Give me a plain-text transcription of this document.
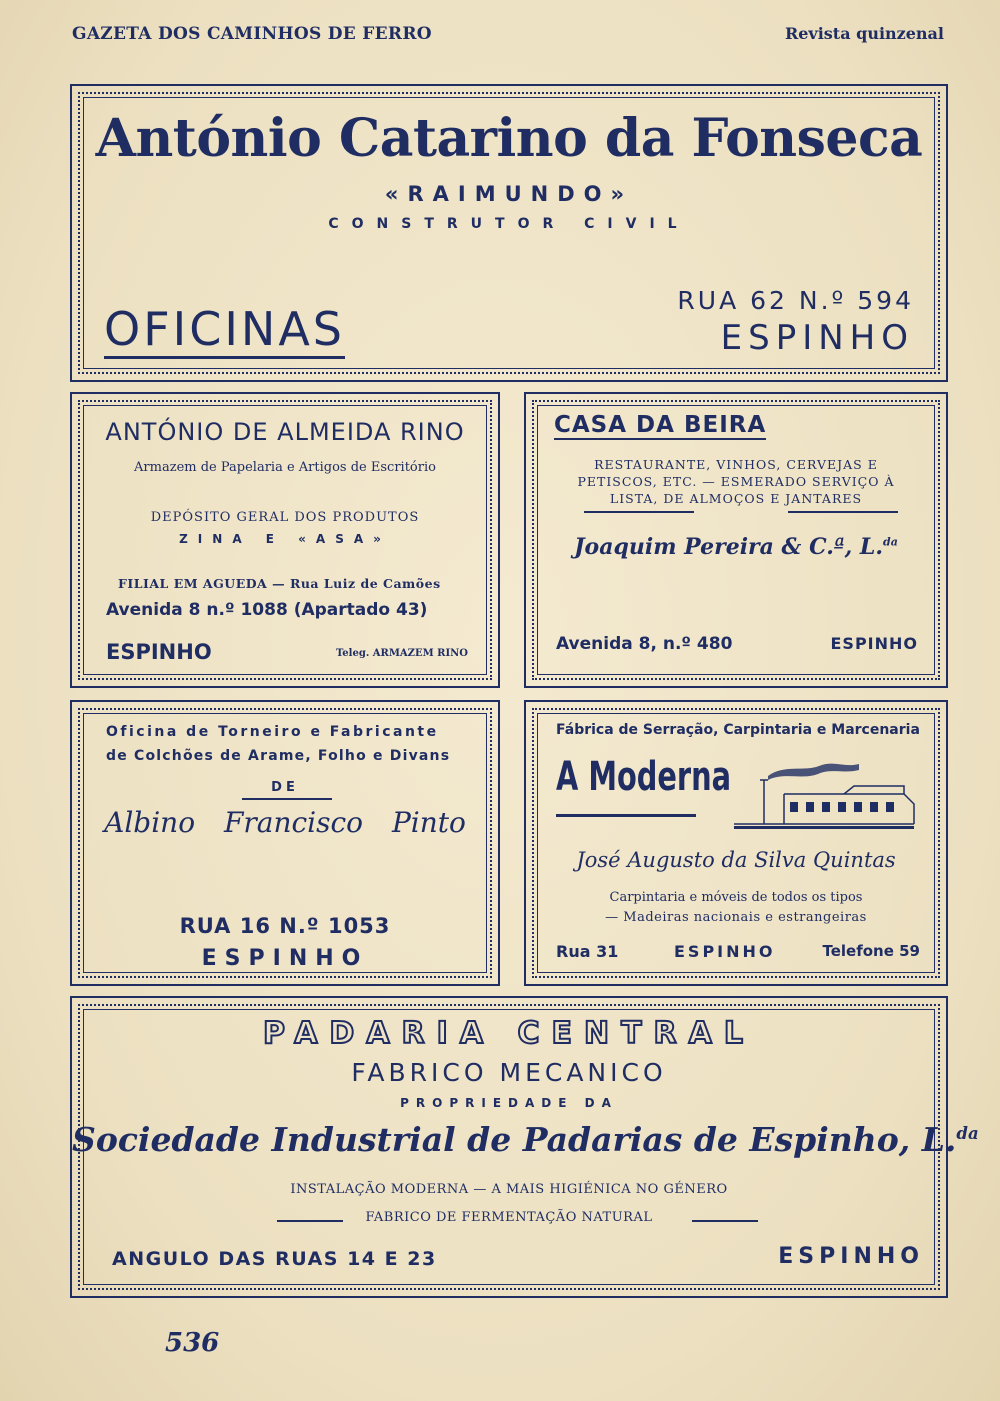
GAZETA DOS CAMINHOS DE FERRO	Revista quinzenal
António Catarino da Fonseca
«RAIMUNDO»
CONSTRUTOR CIVIL
OFICINAS
RUA 62 N.º 594
ESPINHO
ANTÓNIO DE ALMEIDA RINO
Armazem de Papelaria e Artigos de Escritório
DEPÓSITO GERAL DOS PRODUTOS
ZINA E «ASA»
FILIAL EM AGUEDA — Rua Luiz de Camões
Avenida 8 n.º 1088 (Apartado 43)
ESPINHO	Teleg. ARMAZEM RINO
CASA DA BEIRA
RESTAURANTE, VINHOS, CERVEJAS E PETISCOS, ETC. — ESMERADO SERVIÇO À LISTA, DE ALMOÇOS E JANTARES
Joaquim Pereira & C.ª, L.$^{da}$
Avenida 8, n.º 480	ESPINHO
Oficina de Torneiro e Fabricante
de Colchões de Arame, Folho e Divans
DE
Albino Francisco Pinto
RUA 16 N.º 1053
ESPINHO
Fábrica de Serração, Carpintaria e Marcenaria
A Moderna
José Augusto da Silva Quintas
Carpintaria e móveis de todos os tipos
— Madeiras nacionais e estrangeiras
Rua 31	ESPINHO	Telefone 59
PADARIA CENTRAL
FABRICO MECANICO
PROPRIEDADE DA
Sociedade Industrial de Padarias de Espinho, L.$^{da}$
INSTALAÇÃO MODERNA — A MAIS HIGIÉNICA NO GÉNERO
FABRICO DE FERMENTAÇÃO NATURAL
ANGULO DAS RUAS 14 E 23	ESPINHO
536
